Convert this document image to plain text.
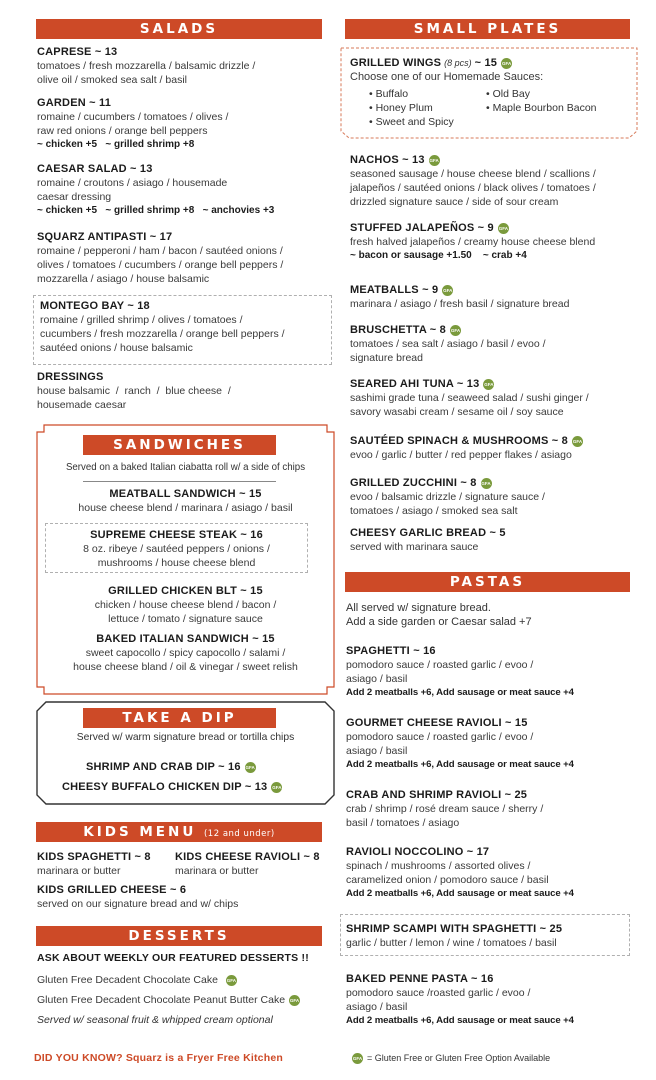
SALADS
CAPRESE ~ 13
tomatoes / fresh mozzarella / balsamic drizzle /
olive oil / smoked sea salt / basil
GARDEN ~ 11
romaine / cucumbers / tomatoes / olives /
raw red onions / orange bell peppers
~ chicken +5   ~ grilled shrimp +8
CAESAR SALAD ~ 13
romaine / croutons / asiago / housemade
caesar dressing
~ chicken +5   ~ grilled shrimp +8   ~ anchovies +3
SQUARZ ANTIPASTI ~ 17
romaine / pepperoni / ham / bacon / sautéed onions /
olives / tomatoes / cucumbers / orange bell peppers /
mozzarella / asiago / house balsamic
MONTEGO BAY ~ 18
romaine / grilled shrimp / olives / tomatoes /
cucumbers / fresh mozzarella / orange bell peppers /
sautéed onions / house balsamic
DRESSINGS
house balsamic  /  ranch  /  blue cheese  /
housemade caesar
SANDWICHES
Served on a baked Italian ciabatta roll w/ a side of chips
MEATBALL SANDWICH ~ 15
house cheese blend / marinara / asiago / basil
SUPREME CHEESE STEAK ~ 16
8 oz. ribeye / sautéed peppers / onions /
mushrooms / house cheese blend
GRILLED CHICKEN BLT ~ 15
chicken / house cheese blend / bacon /
lettuce / tomato / signature sauce
BAKED ITALIAN SANDWICH ~ 15
sweet capocollo / spicy capocollo / salami /
house cheese bland / oil & vinegar / sweet relish
TAKE A DIP
Served w/ warm signature bread or tortilla chips
SHRIMP AND CRAB DIP ~ 16 GFA
CHEESY BUFFALO CHICKEN DIP ~ 13 GFA
KIDS MENU (12 and under)
KIDS SPAGHETTI ~ 8
marinara or butter
KIDS CHEESE RAVIOLI ~ 8
marinara or butter
KIDS GRILLED CHEESE ~ 6
served on our signature bread and w/ chips
DESSERTS
ASK ABOUT WEEKLY OUR FEATURED DESSERTS !!
Gluten Free Decadent Chocolate Cake GFA
Gluten Free Decadent Chocolate Peanut Butter Cake GFA
Served w/ seasonal fruit & whipped cream optional
SMALL PLATES
GRILLED WINGS (8 pcs) ~ 15 GFA
Choose one of our Homemade Sauces:
• Buffalo
• Honey Plum
• Sweet and Spicy
• Old Bay
• Maple Bourbon Bacon
NACHOS ~ 13 GFA
seasoned sausage / house cheese blend / scallions /
jalapeños / sautéed onions / black olives / tomatoes /
drizzled signature sauce / side of sour cream
STUFFED JALAPEÑOS ~ 9 GFA
fresh halved jalapeños / creamy house cheese blend
~ bacon or sausage +1.50    ~ crab +4
MEATBALLS ~ 9 GFA
marinara / asiago / fresh basil / signature bread
BRUSCHETTA ~ 8 GFA
tomatoes / sea salt / asiago / basil / evoo /
signature bread
SEARED AHI TUNA ~ 13 GFA
sashimi grade tuna / seaweed salad / sushi ginger /
savory wasabi cream / sesame oil / soy sauce
SAUTÉED SPINACH & MUSHROOMS ~ 8 GFA
evoo / garlic / butter / red pepper flakes / asiago
GRILLED ZUCCHINI ~ 8 GFA
evoo / balsamic drizzle / signature sauce /
tomatoes / asiago / smoked sea salt
CHEESY GARLIC BREAD ~ 5
served with marinara sauce
PASTAS
All served w/ signature bread.
Add a side garden or Caesar salad +7
SPAGHETTI ~ 16
pomodoro sauce / roasted garlic / evoo /
asiago / basil
Add 2 meatballs +6, Add sausage or meat sauce +4
GOURMET CHEESE RAVIOLI ~ 15
pomodoro sauce / roasted garlic / evoo /
asiago / basil
Add 2 meatballs +6, Add sausage or meat sauce +4
CRAB AND SHRIMP RAVIOLI ~ 25
crab / shrimp / rosé dream sauce / sherry /
basil / tomatoes / asiago
RAVIOLI NOCCOLINO ~ 17
spinach / mushrooms / assorted olives /
caramelized onion / pomodoro sauce / basil
Add 2 meatballs +6, Add sausage or meat sauce +4
SHRIMP SCAMPI WITH SPAGHETTI ~ 25
garlic / butter / lemon / wine / tomatoes / basil
BAKED PENNE PASTA ~ 16
pomodoro sauce /roasted garlic / evoo /
asiago / basil
Add 2 meatballs +6, Add sausage or meat sauce +4
DID YOU KNOW? Squarz is a Fryer Free Kitchen	GFA = Gluten Free or Gluten Free Option Available
